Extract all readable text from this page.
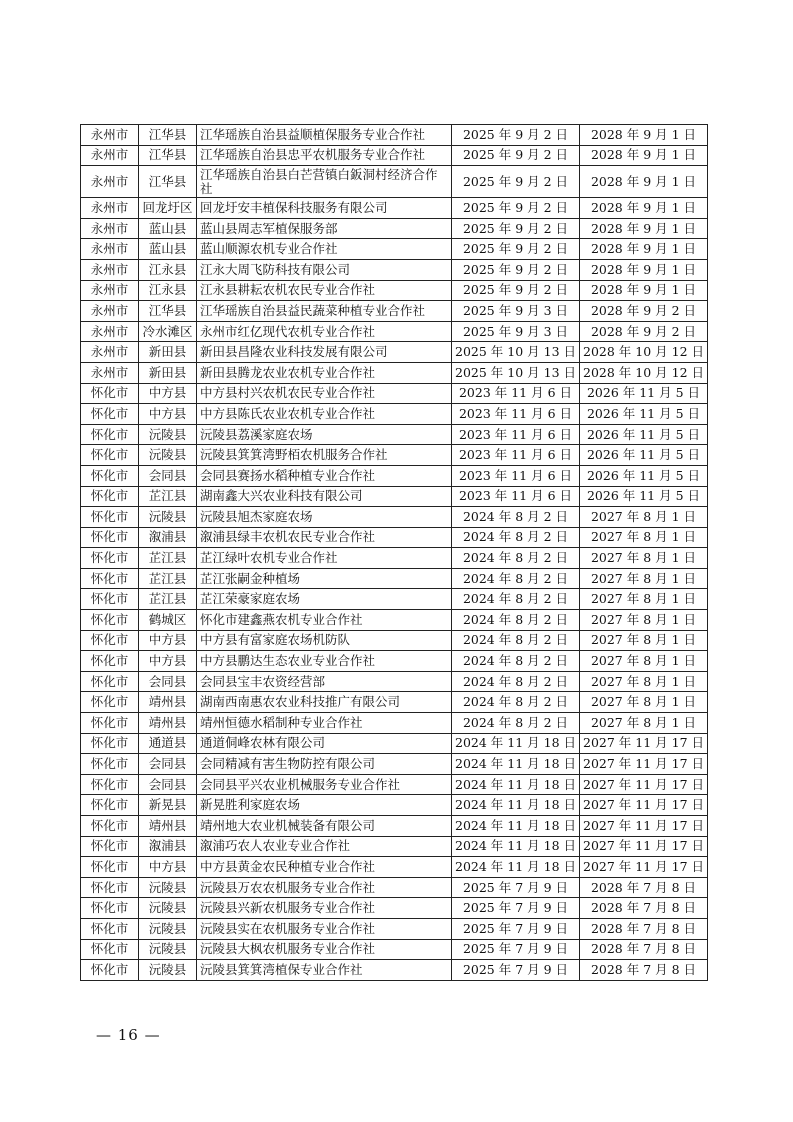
永州市	江华县	江华瑶族自治县益顺植保服务专业合作社	2025 年 9 月 2 日	2028 年 9 月 1 日
永州市	江华县	江华瑶族自治县忠平农机服务专业合作社	2025 年 9 月 2 日	2028 年 9 月 1 日
永州市	江华县	江华瑶族自治县白芒营镇白鈑洞村经济合作社	2025 年 9 月 2 日	2028 年 9 月 1 日
永州市	回龙圩区	回龙圩安丰植保科技服务有限公司	2025 年 9 月 2 日	2028 年 9 月 1 日
永州市	蓝山县	蓝山县周志军植保服务部	2025 年 9 月 2 日	2028 年 9 月 1 日
永州市	蓝山县	蓝山顺源农机专业合作社	2025 年 9 月 2 日	2028 年 9 月 1 日
永州市	江永县	江永大周飞防科技有限公司	2025 年 9 月 2 日	2028 年 9 月 1 日
永州市	江永县	江永县耕耘农机农民专业合作社	2025 年 9 月 2 日	2028 年 9 月 1 日
永州市	江华县	江华瑶族自治县益民蔬菜种植专业合作社	2025 年 9 月 3 日	2028 年 9 月 2 日
永州市	冷水滩区	永州市红亿现代农机专业合作社	2025 年 9 月 3 日	2028 年 9 月 2 日
永州市	新田县	新田县昌隆农业科技发展有限公司	2025 年 10 月 13 日	2028 年 10 月 12 日
永州市	新田县	新田县腾龙农业农机专业合作社	2025 年 10 月 13 日	2028 年 10 月 12 日
怀化市	中方县	中方县村兴农机农民专业合作社	2023 年 11 月 6 日	2026 年 11 月 5 日
怀化市	中方县	中方县陈氏农业农机专业合作社	2023 年 11 月 6 日	2026 年 11 月 5 日
怀化市	沅陵县	沅陵县荔溪家庭农场	2023 年 11 月 6 日	2026 年 11 月 5 日
怀化市	沅陵县	沅陵县箕箕湾野栢农机服务合作社	2023 年 11 月 6 日	2026 年 11 月 5 日
怀化市	会同县	会同县赛扬水稻种植专业合作社	2023 年 11 月 6 日	2026 年 11 月 5 日
怀化市	芷江县	湖南鑫大兴农业科技有限公司	2023 年 11 月 6 日	2026 年 11 月 5 日
怀化市	沅陵县	沅陵县旭杰家庭农场	2024 年 8 月 2 日	2027 年 8 月 1 日
怀化市	溆浦县	溆浦县绿丰农机农民专业合作社	2024 年 8 月 2 日	2027 年 8 月 1 日
怀化市	芷江县	芷江绿叶农机专业合作社	2024 年 8 月 2 日	2027 年 8 月 1 日
怀化市	芷江县	芷江张嗣金种植场	2024 年 8 月 2 日	2027 年 8 月 1 日
怀化市	芷江县	芷江荣豪家庭农场	2024 年 8 月 2 日	2027 年 8 月 1 日
怀化市	鹤城区	怀化市建鑫燕农机专业合作社	2024 年 8 月 2 日	2027 年 8 月 1 日
怀化市	中方县	中方县有富家庭农场机防队	2024 年 8 月 2 日	2027 年 8 月 1 日
怀化市	中方县	中方县鹏达生态农业专业合作社	2024 年 8 月 2 日	2027 年 8 月 1 日
怀化市	会同县	会同县宝丰农资经营部	2024 年 8 月 2 日	2027 年 8 月 1 日
怀化市	靖州县	湖南西南惠农农业科技推广有限公司	2024 年 8 月 2 日	2027 年 8 月 1 日
怀化市	靖州县	靖州恒德水稻制种专业合作社	2024 年 8 月 2 日	2027 年 8 月 1 日
怀化市	通道县	通道侗峰农林有限公司	2024 年 11 月 18 日	2027 年 11 月 17 日
怀化市	会同县	会同精减有害生物防控有限公司	2024 年 11 月 18 日	2027 年 11 月 17 日
怀化市	会同县	会同县平兴农业机械服务专业合作社	2024 年 11 月 18 日	2027 年 11 月 17 日
怀化市	新晃县	新晃胜利家庭农场	2024 年 11 月 18 日	2027 年 11 月 17 日
怀化市	靖州县	靖州地大农业机械装备有限公司	2024 年 11 月 18 日	2027 年 11 月 17 日
怀化市	溆浦县	溆浦巧农人农业专业合作社	2024 年 11 月 18 日	2027 年 11 月 17 日
怀化市	中方县	中方县黄金农民种植专业合作社	2024 年 11 月 18 日	2027 年 11 月 17 日
怀化市	沅陵县	沅陵县万农农机服务专业合作社	2025 年 7 月 9 日	2028 年 7 月 8 日
怀化市	沅陵县	沅陵县兴新农机服务专业合作社	2025 年 7 月 9 日	2028 年 7 月 8 日
怀化市	沅陵县	沅陵县实在农机服务专业合作社	2025 年 7 月 9 日	2028 年 7 月 8 日
怀化市	沅陵县	沅陵县大枫农机服务专业合作社	2025 年 7 月 9 日	2028 年 7 月 8 日
怀化市	沅陵县	沅陵县箕箕湾植保专业合作社	2025 年 7 月 9 日	2028 年 7 月 8 日
— 16 —
